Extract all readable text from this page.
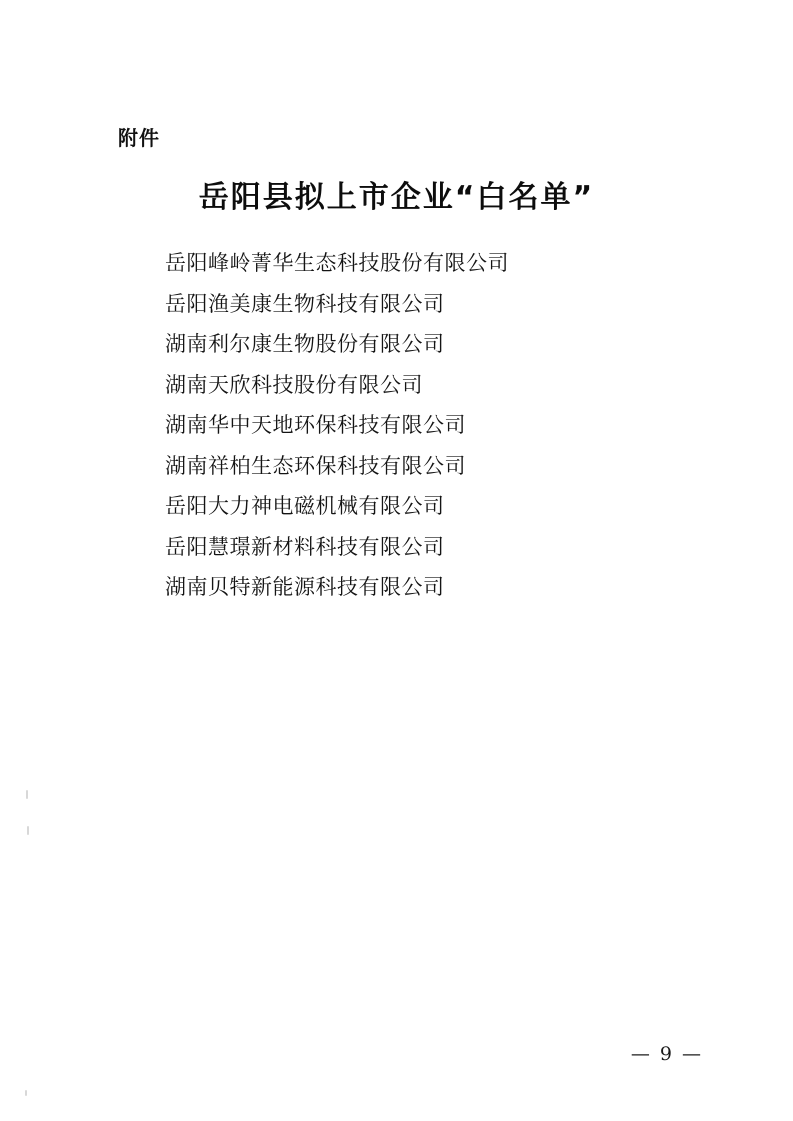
附件
岳阳县拟上市企业“白名单”
岳阳峰岭菁华生态科技股份有限公司
岳阳渔美康生物科技有限公司
湖南利尔康生物股份有限公司
湖南天欣科技股份有限公司
湖南华中天地环保科技有限公司
湖南祥柏生态环保科技有限公司
岳阳大力神电磁机械有限公司
岳阳慧璟新材料科技有限公司
湖南贝特新能源科技有限公司
— 9 —
